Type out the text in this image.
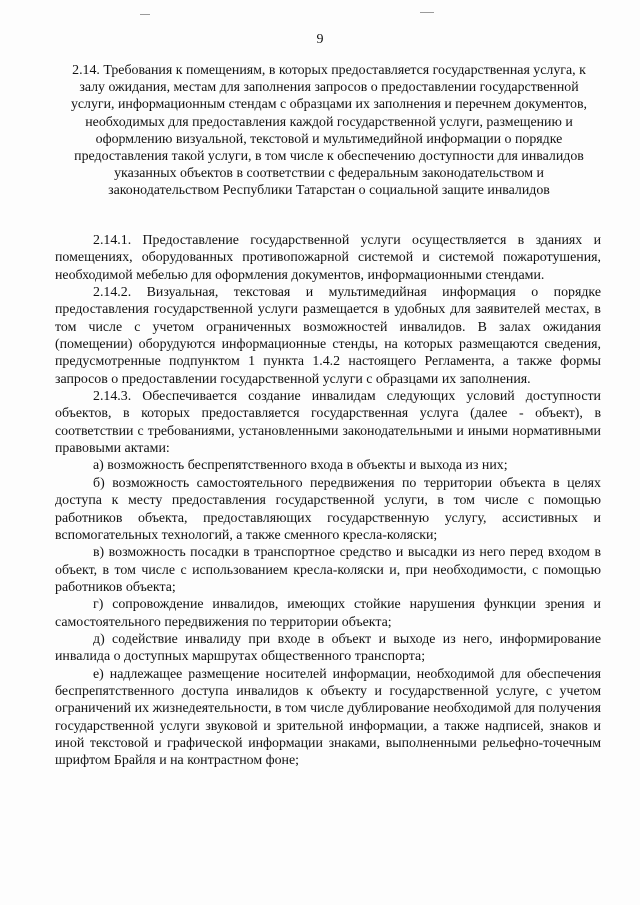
9
2.14. Требования к помещениям, в которых предоставляется государственная услуга, к залу ожидания, местам для заполнения запросов о предоставлении государственной услуги, информационным стендам с образцами их заполнения и перечнем документов, необходимых для предоставления каждой государственной услуги, размещению и оформлению визуальной, текстовой и мультимедийной информации о порядке предоставления такой услуги, в том числе к обеспечению доступности для инвалидов указанных объектов в соответствии с федеральным законодательством и законодательством Республики Татарстан о социальной защите инвалидов

2.14.1. Предоставление государственной услуги осуществляется в зданиях и помещениях, оборудованных противопожарной системой и системой пожаротушения, необходимой мебелью для оформления документов, информационными стендами.

2.14.2. Визуальная, текстовая и мультимедийная информация о порядке предоставления государственной услуги размещается в удобных для заявителей местах, в том числе с учетом ограниченных возможностей инвалидов. В залах ожидания (помещении) оборудуются информационные стенды, на которых размещаются сведения, предусмотренные подпунктом 1 пункта 1.4.2 настоящего Регламента, а также формы запросов о предоставлении государственной услуги с образцами их заполнения.

2.14.3. Обеспечивается создание инвалидам следующих условий доступности объектов, в которых предоставляется государственная услуга (далее - объект), в соответствии с требованиями, установленными законодательными и иными нормативными правовыми актами:

а) возможность беспрепятственного входа в объекты и выхода из них;

б) возможность самостоятельного передвижения по территории объекта в целях доступа к месту предоставления государственной услуги, в том числе с помощью работников объекта, предоставляющих государственную услугу, ассистивных и вспомогательных технологий, а также сменного кресла-коляски;

в) возможность посадки в транспортное средство и высадки из него перед входом в объект, в том числе с использованием кресла-коляски и, при необходимости, с помощью работников объекта;

г) сопровождение инвалидов, имеющих стойкие нарушения функции зрения и самостоятельного передвижения по территории объекта;

д) содействие инвалиду при входе в объект и выходе из него, информирование инвалида о доступных маршрутах общественного транспорта;

е) надлежащее размещение носителей информации, необходимой для обеспечения беспрепятственного доступа инвалидов к объекту и государственной услуге, с учетом ограничений их жизнедеятельности, в том числе дублирование необходимой для получения государственной услуги звуковой и зрительной информации, а также надписей, знаков и иной текстовой и графической информации знаками, выполненными рельефно-точечным шрифтом Брайля и на контрастном фоне;
